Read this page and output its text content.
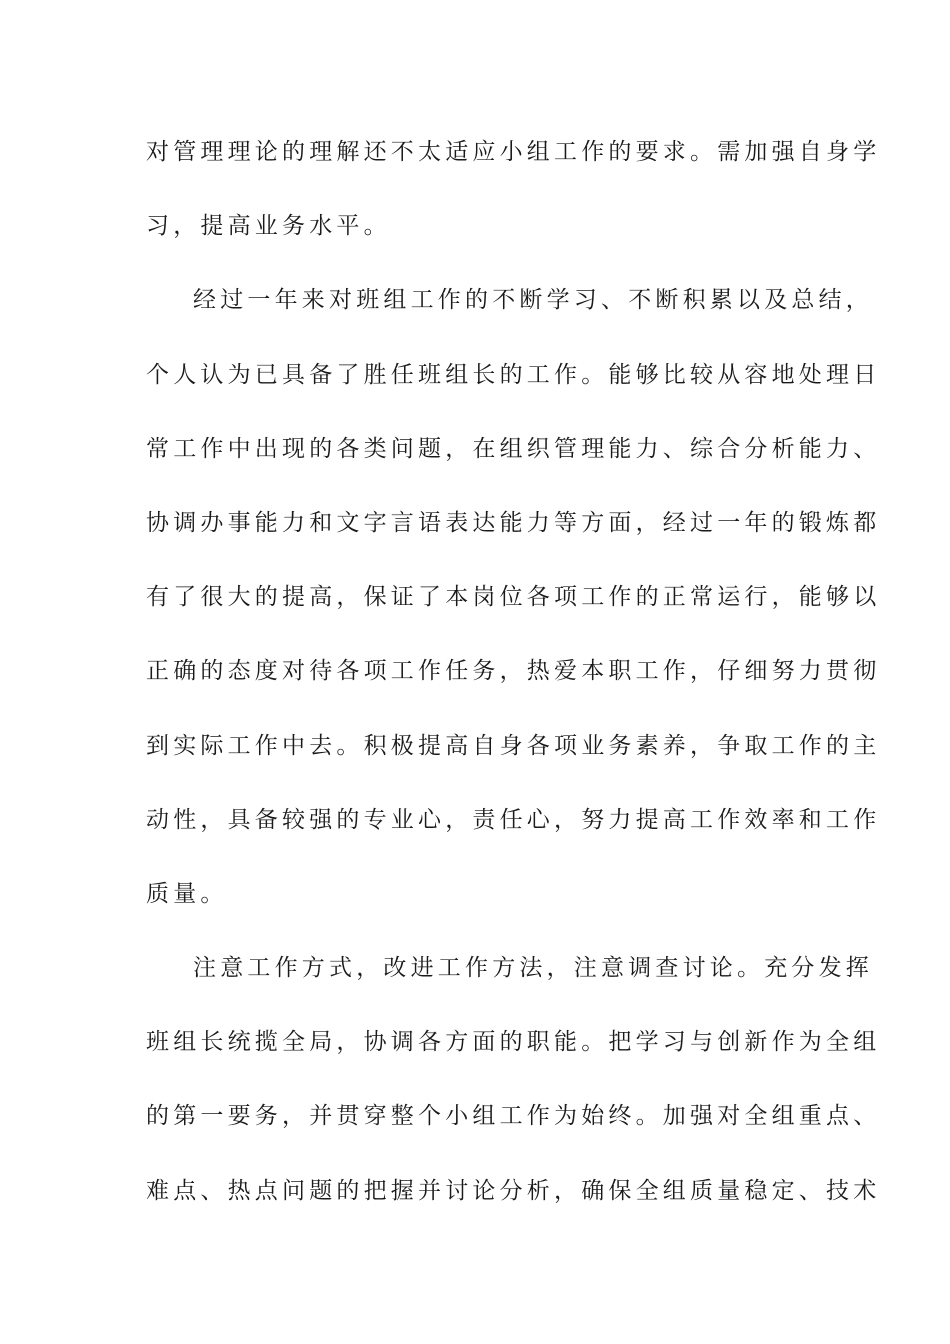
对管理理论的理解还不太适应小组工作的要求。需加强自身学
习，提高业务水平。
经过一年来对班组工作的不断学习、不断积累以及总结，
个人认为已具备了胜任班组长的工作。能够比较从容地处理日
常工作中出现的各类问题，在组织管理能力、综合分析能力、
协调办事能力和文字言语表达能力等方面，经过一年的锻炼都
有了很大的提高，保证了本岗位各项工作的正常运行，能够以
正确的态度对待各项工作任务，热爱本职工作，仔细努力贯彻
到实际工作中去。积极提高自身各项业务素养，争取工作的主
动性，具备较强的专业心，责任心，努力提高工作效率和工作
质量。
注意工作方式，改进工作方法，注意调查讨论。充分发挥
班组长统揽全局，协调各方面的职能。把学习与创新作为全组
的第一要务，并贯穿整个小组工作为始终。加强对全组重点、
难点、热点问题的把握并讨论分析，确保全组质量稳定、技术
